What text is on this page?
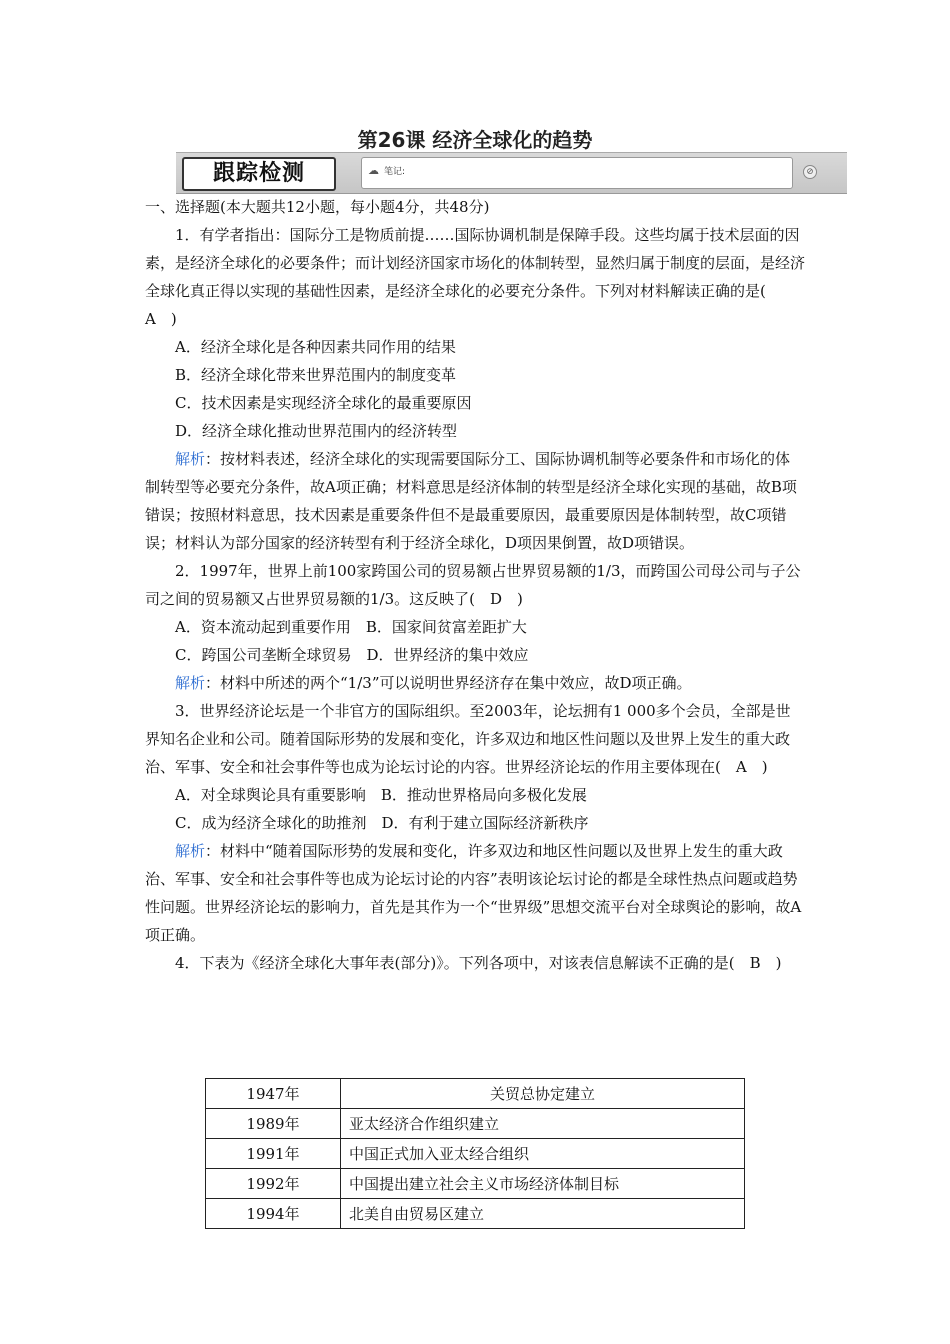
第26课 经济全球化的趋势
跟踪检测	☁ 笔记:	⊘

一、选择题(本大题共12小题，每小题4分，共48分)

1．有学者指出：国际分工是物质前提……国际协调机制是保障手段。这些均属于技术层面的因素，是经济全球化的必要条件；而计划经济国家市场化的体制转型，显然归属于制度的层面，是经济全球化真正得以实现的基础性因素，是经济全球化的必要充分条件。下列对材料解读正确的是(　A　)

A．经济全球化是各种因素共同作用的结果

B．经济全球化带来世界范围内的制度变革

C．技术因素是实现经济全球化的最重要原因

D．经济全球化推动世界范围内的经济转型

解析：按材料表述，经济全球化的实现需要国际分工、国际协调机制等必要条件和市场化的体制转型等必要充分条件，故A项正确；材料意思是经济体制的转型是经济全球化实现的基础，故B项错误；按照材料意思，技术因素是重要条件但不是最重要原因，最重要原因是体制转型，故C项错误；材料认为部分国家的经济转型有利于经济全球化，D项因果倒置，故D项错误。

2．1997年，世界上前100家跨国公司的贸易额占世界贸易额的1/3，而跨国公司母公司与子公司之间的贸易额又占世界贸易额的1/3。这反映了(　D　)

A．资本流动起到重要作用　B．国家间贫富差距扩大

C．跨国公司垄断全球贸易　D．世界经济的集中效应

解析：材料中所述的两个“1/3”可以说明世界经济存在集中效应，故D项正确。

3．世界经济论坛是一个非官方的国际组织。至2003年，论坛拥有1 000多个会员，全部是世界知名企业和公司。随着国际形势的发展和变化，许多双边和地区性问题以及世界上发生的重大政治、军事、安全和社会事件等也成为论坛讨论的内容。世界经济论坛的作用主要体现在(　A　)

A．对全球舆论具有重要影响　B．推动世界格局向多极化发展

C．成为经济全球化的助推剂　D．有利于建立国际经济新秩序

解析：材料中“随着国际形势的发展和变化，许多双边和地区性问题以及世界上发生的重大政治、军事、安全和社会事件等也成为论坛讨论的内容”表明该论坛讨论的都是全球性热点问题或趋势性问题。世界经济论坛的影响力，首先是其作为一个“世界级”思想交流平台对全球舆论的影响，故A项正确。

4．下表为《经济全球化大事年表(部分)》。下列各项中，对该表信息解读不正确的是(　B　)

1947年	关贸总协定建立
1989年	亚太经济合作组织建立
1991年	中国正式加入亚太经合组织
1992年	中国提出建立社会主义市场经济体制目标
1994年	北美自由贸易区建立
